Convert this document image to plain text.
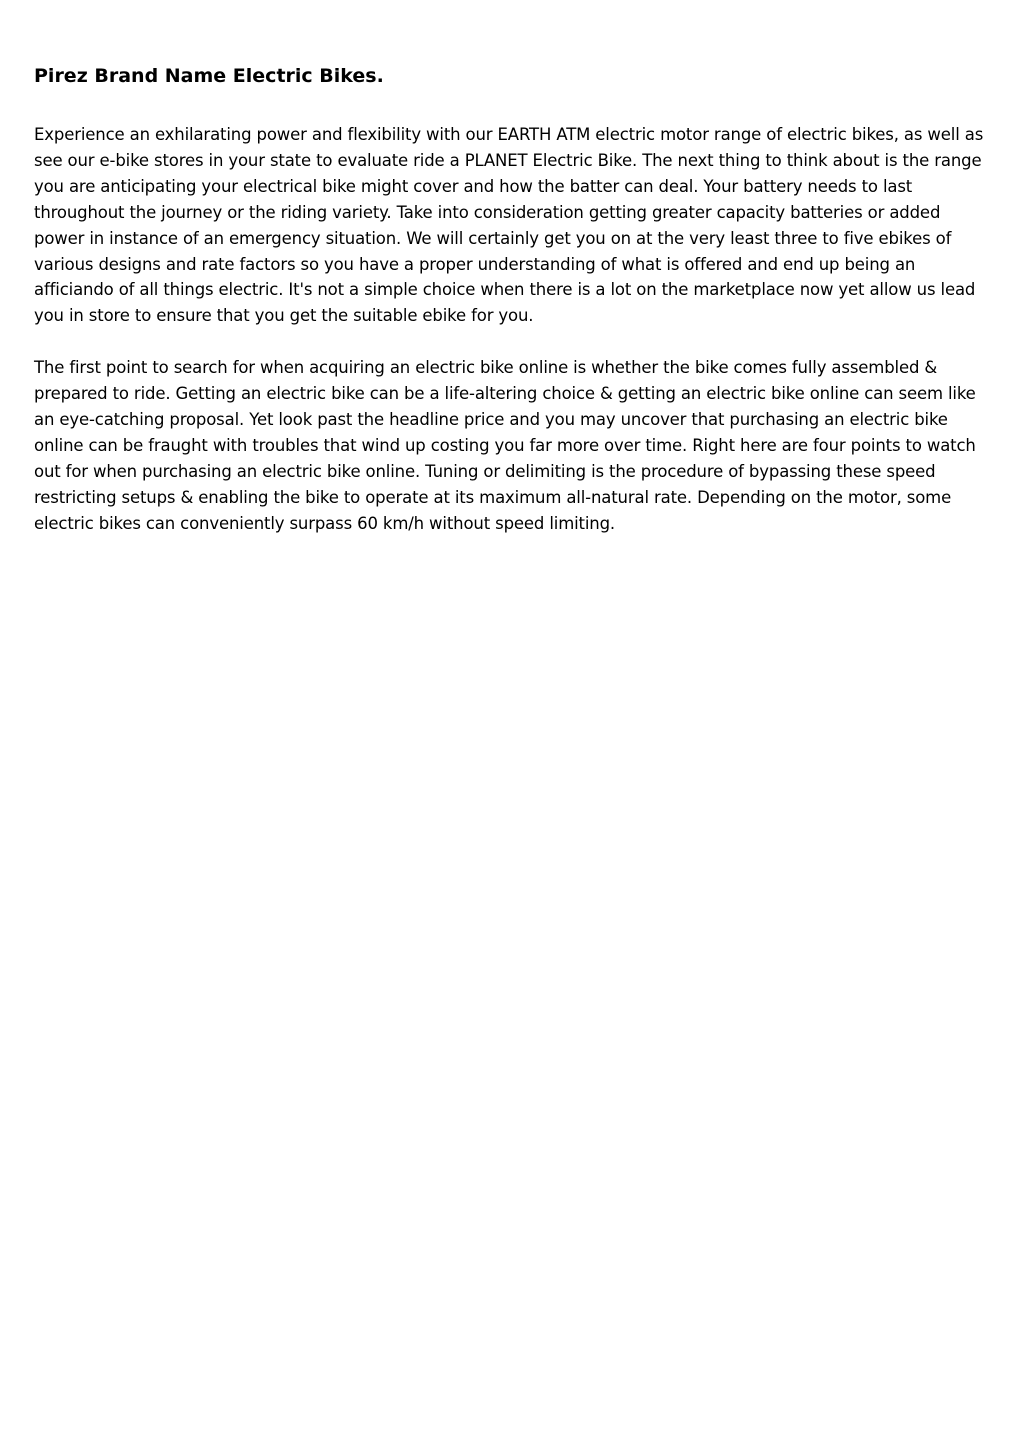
Pirez Brand Name Electric Bikes.

Experience an exhilarating power and flexibility with our EARTH ATM electric motor range of electric bikes, as well as see our e-bike stores in your state to evaluate ride a PLANET Electric Bike. The next thing to think about is the range you are anticipating your electrical bike might cover and how the batter can deal. Your battery needs to last throughout the journey or the riding variety. Take into consideration getting greater capacity batteries or added power in instance of an emergency situation. We will certainly get you on at the very least three to five ebikes of various designs and rate factors so you have a proper understanding of what is offered and end up being an afficiando of all things electric. It's not a simple choice when there is a lot on the marketplace now yet allow us lead you in store to ensure that you get the suitable ebike for you.

The first point to search for when acquiring an electric bike online is whether the bike comes fully assembled & prepared to ride. Getting an electric bike can be a life-altering choice & getting an electric bike online can seem like an eye-catching proposal. Yet look past the headline price and you may uncover that purchasing an electric bike online can be fraught with troubles that wind up costing you far more over time. Right here are four points to watch out for when purchasing an electric bike online. Tuning or delimiting is the procedure of bypassing these speed restricting setups & enabling the bike to operate at its maximum all-natural rate. Depending on the motor, some electric bikes can conveniently surpass 60 km/h without speed limiting.
